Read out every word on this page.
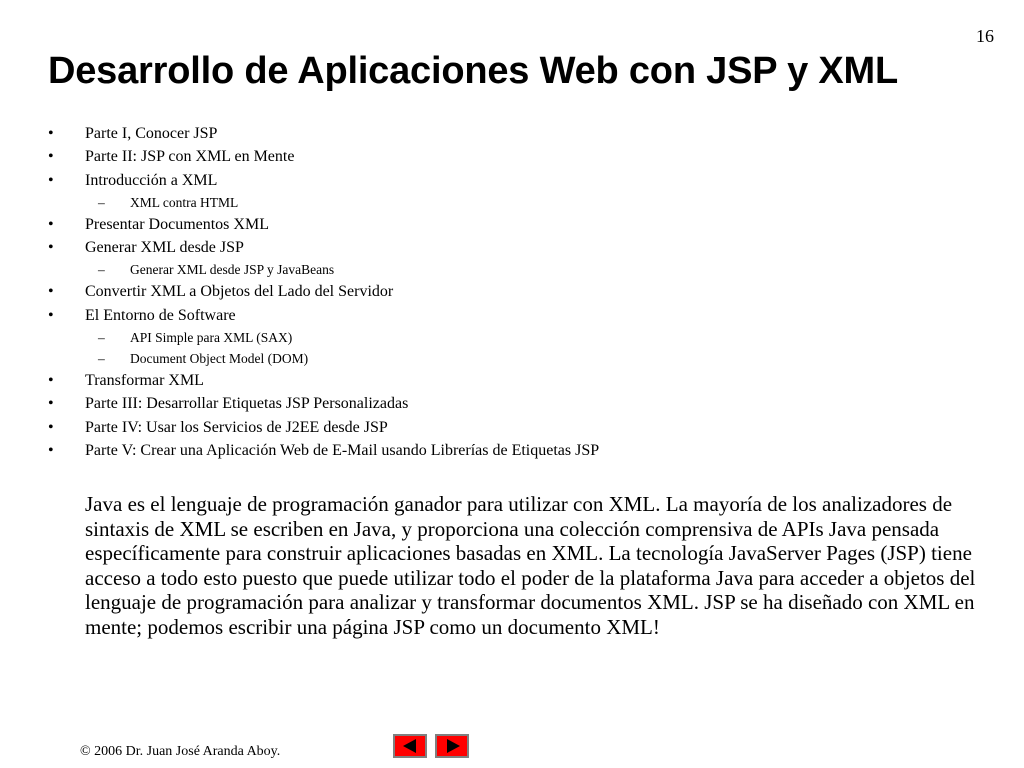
16
Desarrollo de Aplicaciones Web con JSP y XML
• Parte I, Conocer JSP
• Parte II: JSP con XML en Mente
• Introducción a XML
– XML contra HTML
• Presentar Documentos XML
• Generar XML desde JSP
– Generar XML desde JSP y JavaBeans
• Convertir XML a Objetos del Lado del Servidor
• El Entorno de Software
– API Simple para XML (SAX)
– Document Object Model (DOM)
• Transformar XML
• Parte III: Desarrollar Etiquetas JSP Personalizadas
• Parte IV: Usar los Servicios de J2EE desde JSP
• Parte V: Crear una Aplicación Web de E-Mail usando Librerías de Etiquetas JSP

Java es el lenguaje de programación ganador para utilizar con XML. La mayoría de los analizadores de sintaxis de XML se escriben en Java, y proporciona una colección comprensiva de APIs Java pensada específicamente para construir aplicaciones basadas en XML. La tecnología JavaServer Pages (JSP) tiene acceso a todo esto puesto que puede utilizar todo el poder de la plataforma Java para acceder a objetos del lenguaje de programación para analizar y transformar documentos XML. JSP se ha diseñado con XML en mente; podemos escribir una página JSP como un documento XML!

© 2006 Dr. Juan José Aranda Aboy.
